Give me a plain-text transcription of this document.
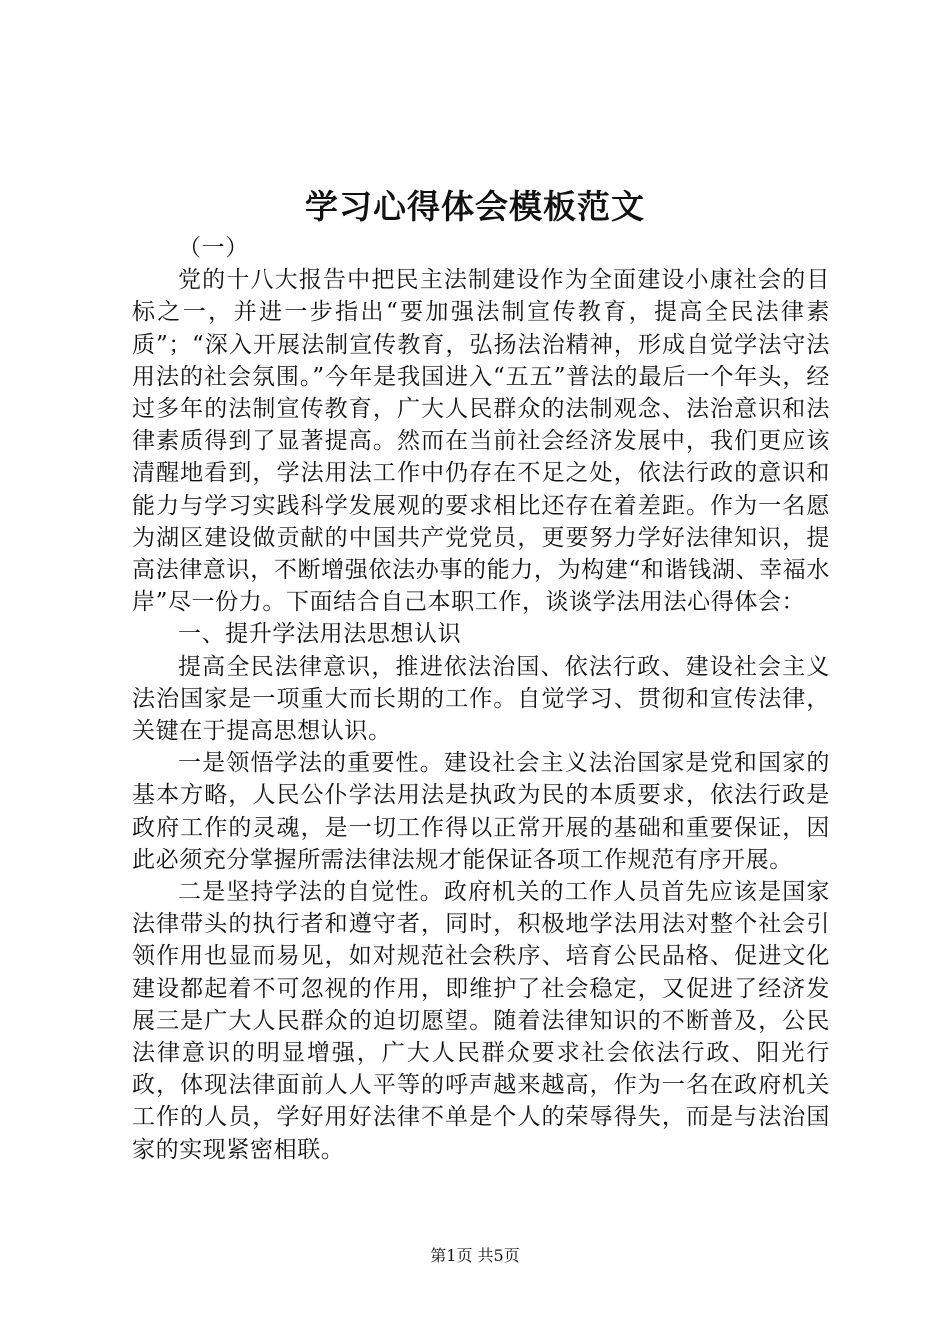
学习心得体会模板范文

（一）

党的十八大报告中把民主法制建设作为全面建设小康社会的目标之一，并进一步指出“要加强法制宣传教育，提高全民法律素质”；“深入开展法制宣传教育，弘扬法治精神，形成自觉学法守法用法的社会氛围。”今年是我国进入“五五”普法的最后一个年头，经过多年的法制宣传教育，广大人民群众的法制观念、法治意识和法律素质得到了显著提高。然而在当前社会经济发展中，我们更应该清醒地看到，学法用法工作中仍存在不足之处，依法行政的意识和能力与学习实践科学发展观的要求相比还存在着差距。作为一名愿为湖区建设做贡献的中国共产党党员，更要努力学好法律知识，提高法律意识，不断增强依法办事的能力，为构建“和谐钱湖、幸福水岸”尽一份力。下面结合自己本职工作，谈谈学法用法心得体会：

一、提升学法用法思想认识

提高全民法律意识，推进依法治国、依法行政、建设社会主义法治国家是一项重大而长期的工作。自觉学习、贯彻和宣传法律，关键在于提高思想认识。

一是领悟学法的重要性。建设社会主义法治国家是党和国家的基本方略，人民公仆学法用法是执政为民的本质要求，依法行政是政府工作的灵魂，是一切工作得以正常开展的基础和重要保证，因此必须充分掌握所需法律法规才能保证各项工作规范有序开展。

二是坚持学法的自觉性。政府机关的工作人员首先应该是国家法律带头的执行者和遵守者，同时，积极地学法用法对整个社会引领作用也显而易见，如对规范社会秩序、培育公民品格、促进文化建设都起着不可忽视的作用，即维护了社会稳定，又促进了经济发展三是广大人民群众的迫切愿望。随着法律知识的不断普及，公民法律意识的明显增强，广大人民群众要求社会依法行政、阳光行政，体现法律面前人人平等的呼声越来越高，作为一名在政府机关工作的人员，学好用好法律不单是个人的荣辱得失，而是与法治国家的实现紧密相联。

第1页 共5页
